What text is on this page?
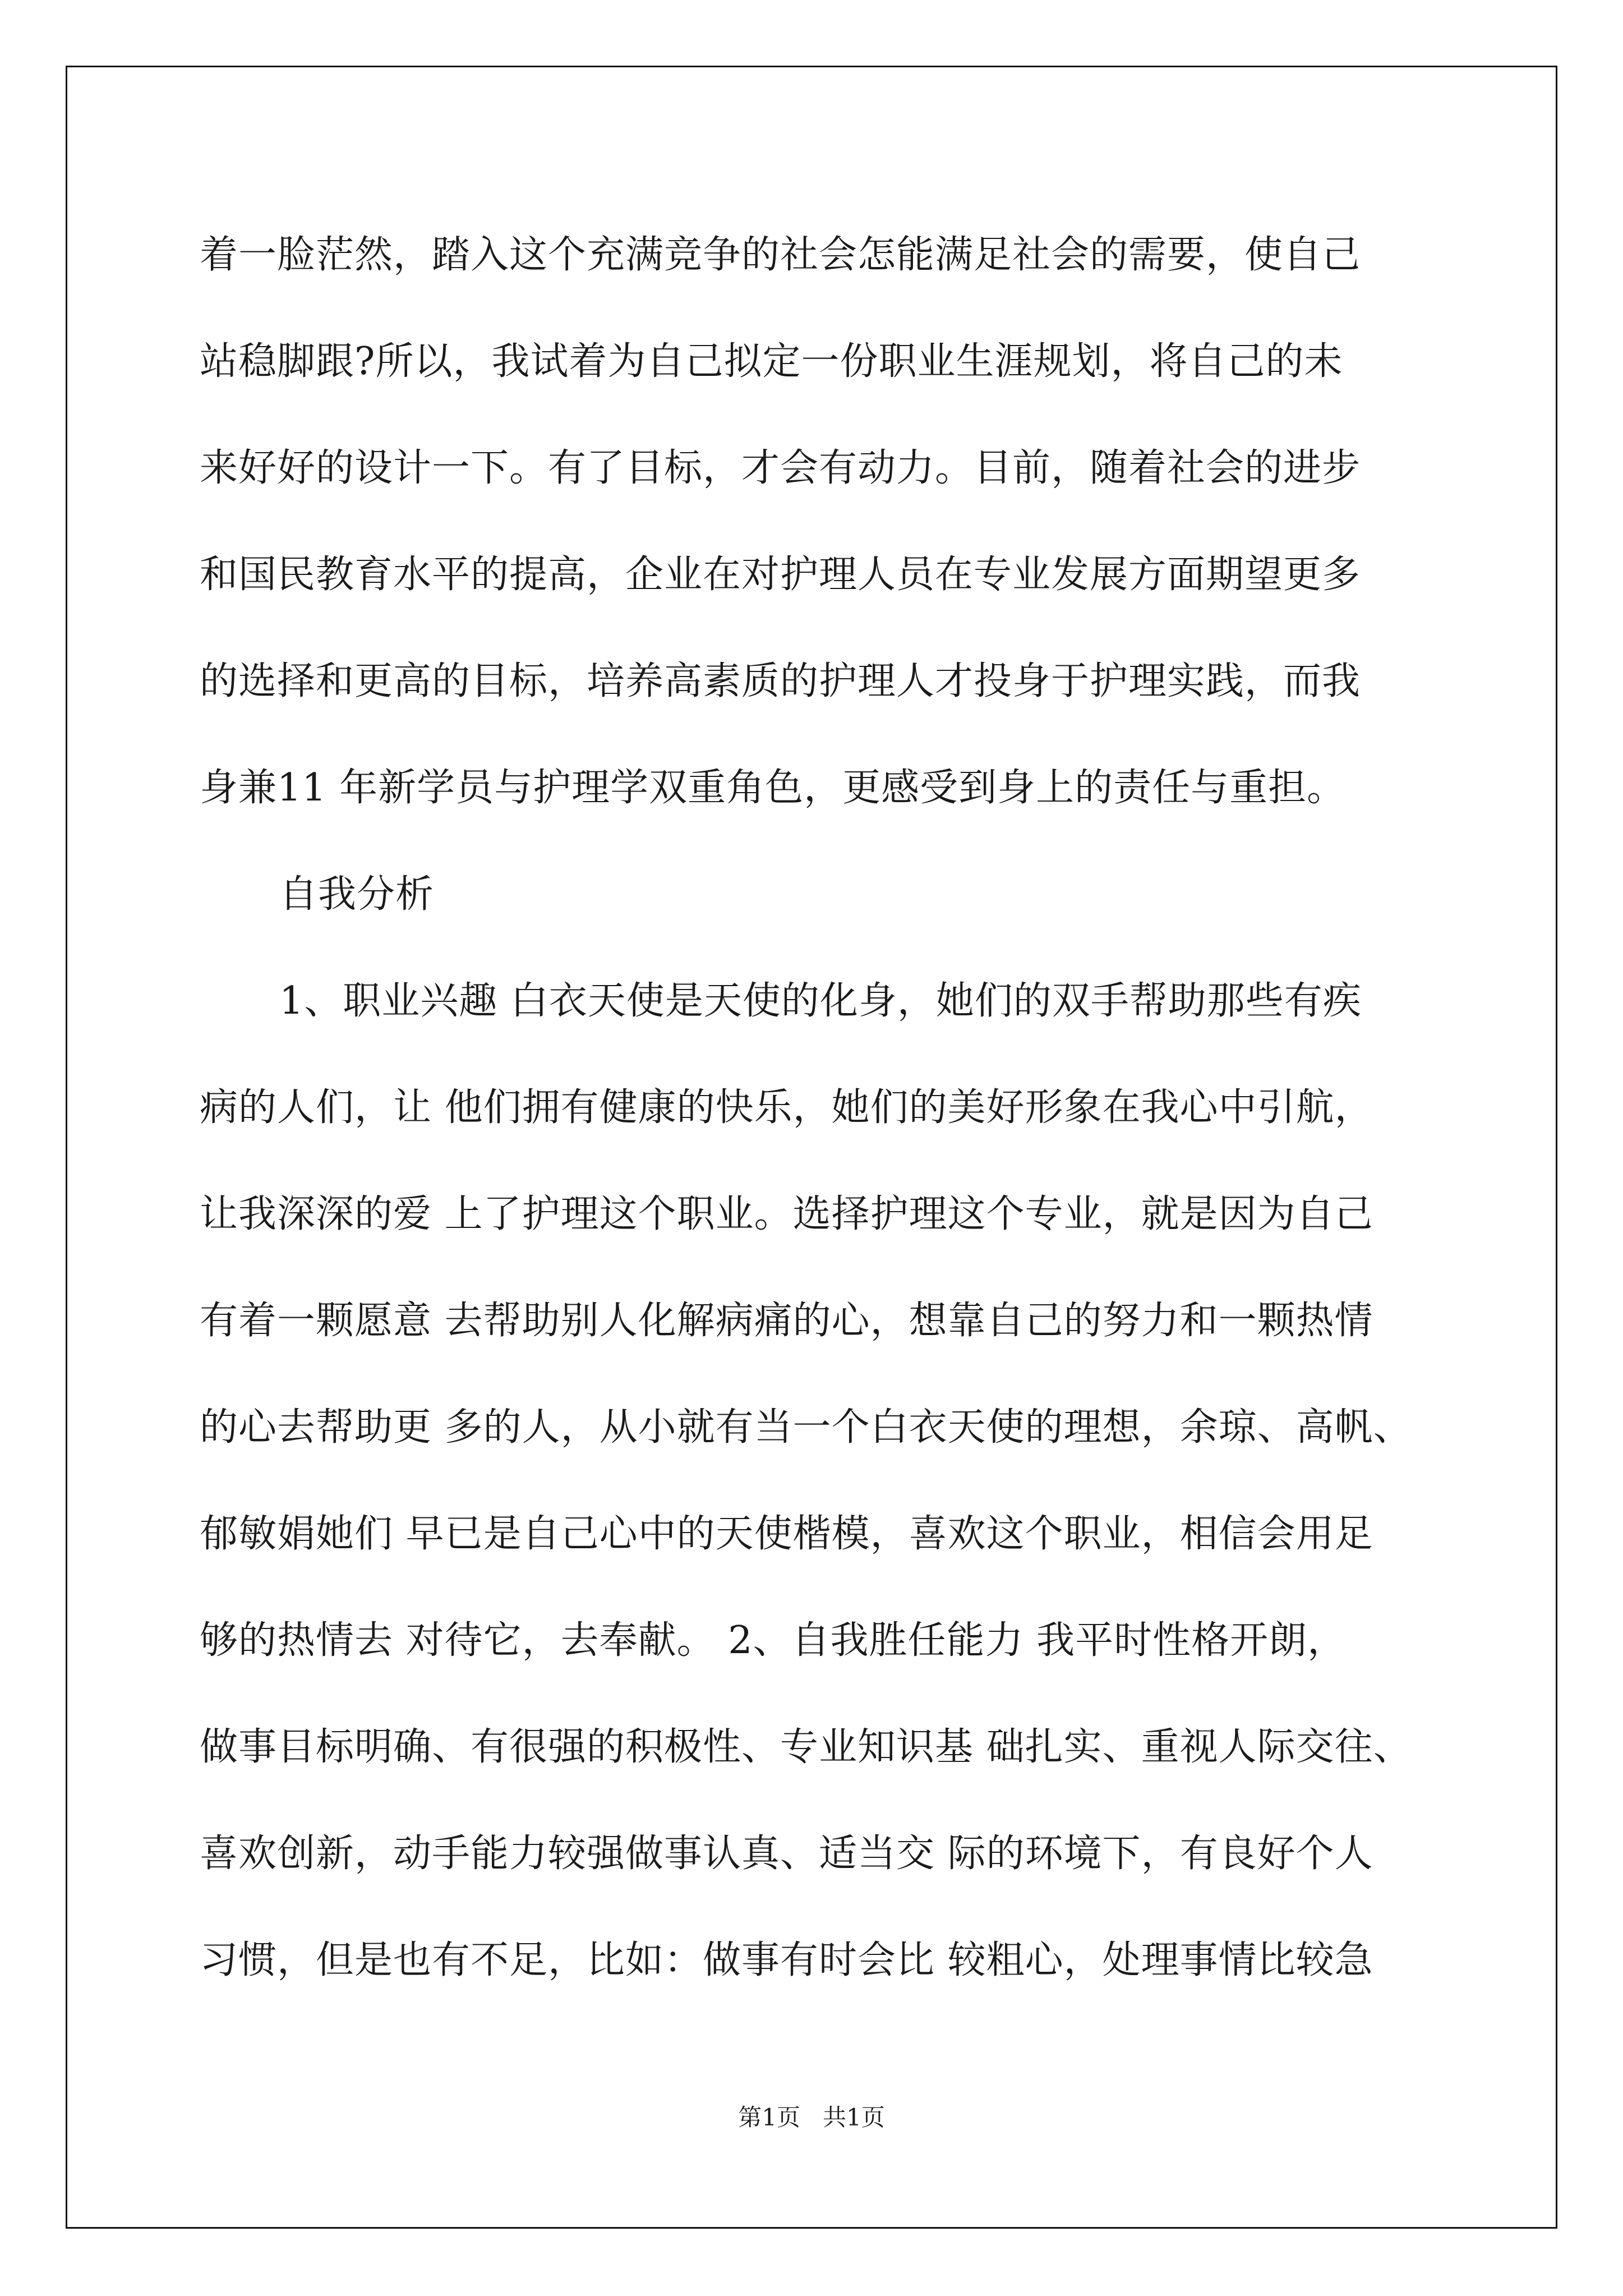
着一脸茫然，踏入这个充满竞争的社会怎能满足社会的需要，使自己
站稳脚跟?所以，我试着为自己拟定一份职业生涯规划，将自己的未
来好好的设计一下。有了目标，才会有动力。目前，随着社会的进步
和国民教育水平的提高，企业在对护理人员在专业发展方面期望更多
的选择和更高的目标，培养高素质的护理人才投身于护理实践，而我
身兼11 年新学员与护理学双重角色，更感受到身上的责任与重担。
自我分析
1、职业兴趣 白衣天使是天使的化身，她们的双手帮助那些有疾
病的人们，让 他们拥有健康的快乐，她们的美好形象在我心中引航，
让我深深的爱 上了护理这个职业。选择护理这个专业，就是因为自己
有着一颗愿意 去帮助别人化解病痛的心，想靠自己的努力和一颗热情
的心去帮助更 多的人，从小就有当一个白衣天使的理想，余琼、高帆、
郁敏娟她们 早已是自己心中的天使楷模，喜欢这个职业，相信会用足
够的热情去 对待它，去奉献。 2、自我胜任能力 我平时性格开朗，
做事目标明确、有很强的积极性、专业知识基 础扎实、重视人际交往、
喜欢创新，动手能力较强做事认真、适当交 际的环境下，有良好个人
习惯，但是也有不足，比如：做事有时会比 较粗心，处理事情比较急
第1页   共1页
